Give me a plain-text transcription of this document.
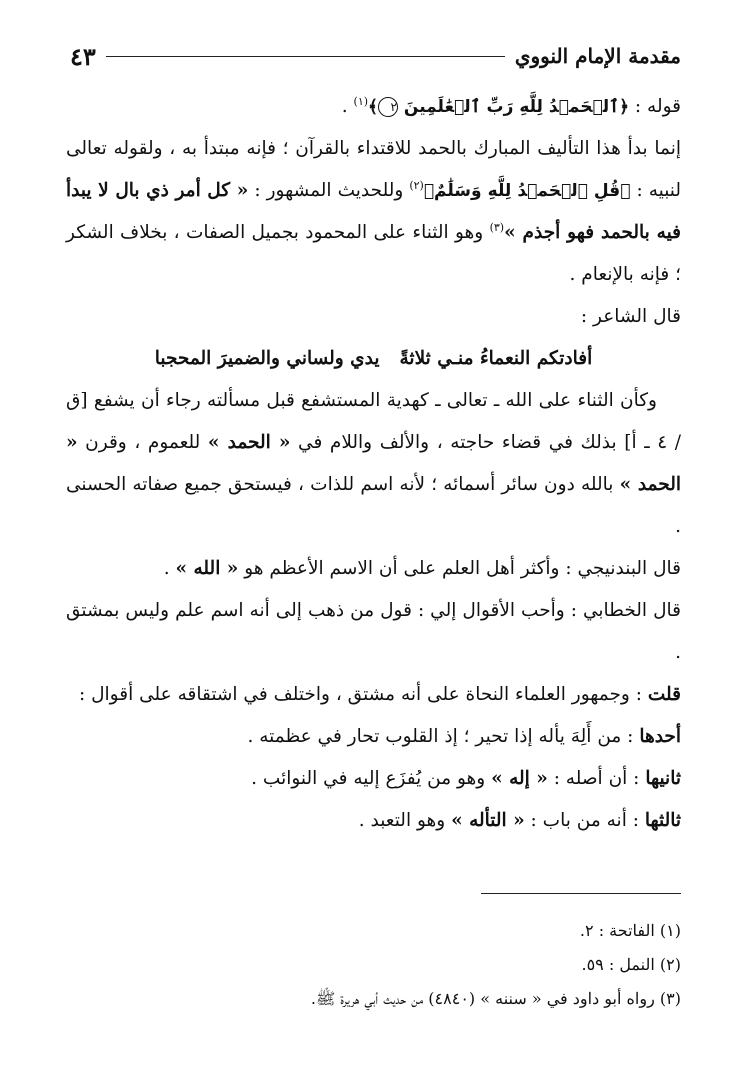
مقدمة الإمام النووي
٤٣

قوله : ﴿ٱلۡحَمۡدُ لِلَّهِ رَبِّ ٱلۡعَٰلَمِينَ ٢﴾$^{(١)}$ .

إنما بدأ هذا التأليف المبارك بالحمد للاقتداء بالقرآن ؛ فإنه مبتدأ به ، ولقوله تعالى لنبيه : ﴿قُلِ ٱلۡحَمۡدُ لِلَّهِ وَسَلَٰمٌ﴾$^{(٢)}$ وللحديث المشهور : « كل أمر ذي بال لا يبدأ فيه بالحمد فهو أجذم »$^{(٣)}$ وهو الثناء على المحمود بجميل الصفات ، بخلاف الشكر ؛ فإنه بالإنعام .

قال الشاعر :

أفادتكم النعماءُ منـي ثلاثةًيدي ولساني والضميرَ المحجبا

وكأن الثناء على الله ـ تعالى ـ كهدية المستشفع قبل مسألته رجاء أن يشفع [ق / ٤ ـ أ] بذلك في قضاء حاجته ، والألف واللام في « الحمد » للعموم ، وقرن « الحمد » بالله دون سائر أسمائه ؛ لأنه اسم للذات ، فيستحق جميع صفاته الحسنى .

قال البندنيجي : وأكثر أهل العلم على أن الاسم الأعظم هو « الله » .

قال الخطابي : وأحب الأقوال إلي : قول من ذهب إلى أنه اسم علم وليس بمشتق .

قلت : وجمهور العلماء النحاة على أنه مشتق ، واختلف في اشتقاقه على أقوال :

أحدها : من أَلِهَ يأله إذا تحير ؛ إذ القلوب تحار في عظمته .

ثانيها : أن أصله : « إله » وهو من يُفزَع إليه في النوائب .

ثالثها : أنه من باب : « التأله » وهو التعبد .

(١) الفاتحة : ٢.

(٢) النمل : ٥٩.

(٣) رواه أبو داود في « سننه » (٤٨٤٠) من حديث أبي هريرة ﷺ.
